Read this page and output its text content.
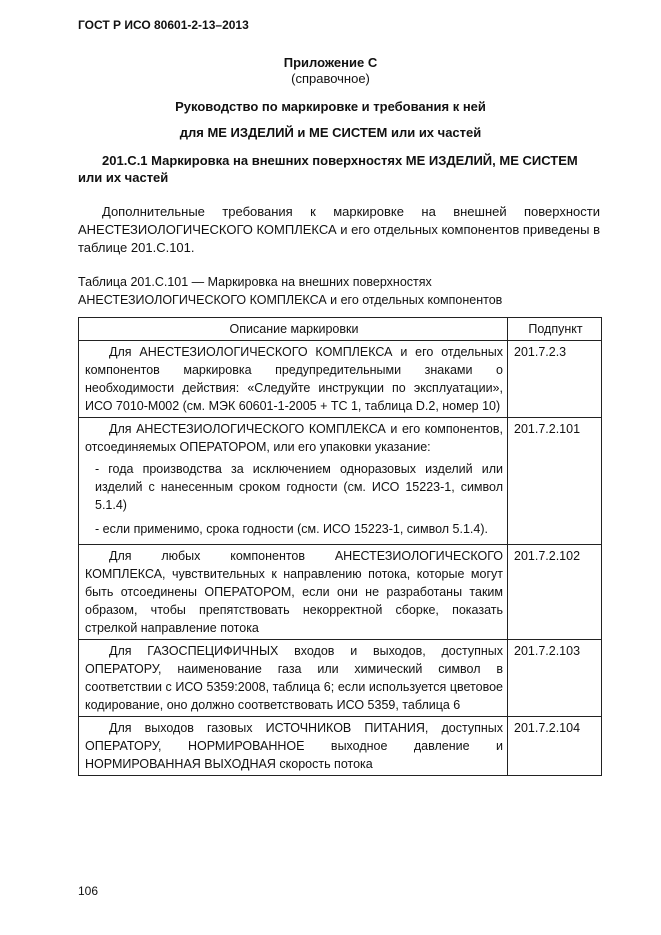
ГОСТ Р ИСО 80601-2-13–2013
Приложение С
(справочное)
Руководство по маркировке и требования к ней
для МЕ ИЗДЕЛИЙ и МЕ СИСТЕМ или их частей
201.С.1 Маркировка на внешних поверхностях МЕ ИЗДЕЛИЙ, МЕ СИСТЕМ или их частей
Дополнительные требования к маркировке на внешней поверхности АНЕСТЕЗИОЛОГИЧЕСКОГО КОМПЛЕКСА и его отдельных компонентов приведены в таблице 201.С.101.
Таблица 201.С.101 — Маркировка на внешних поверхностях
АНЕСТЕЗИОЛОГИЧЕСКОГО КОМПЛЕКСА и его отдельных компонентов
Описание маркировки	Подпункт

Для АНЕСТЕЗИОЛОГИЧЕСКОГО КОМПЛЕКСА и его отдельных компонентов маркировка предупредительными знаками о необходимости действия: «Следуйте инструкции по эксплуатации», ИСО 7010-M002 (см. МЭК 60601-1-2005 + ТС 1, таблица D.2, номер 10)	201.7.2.3

Для АНЕСТЕЗИОЛОГИЧЕСКОГО КОМПЛЕКСА и его компонентов, отсоединяемых ОПЕРАТОРОМ, или его упаковки указание:

- года производства за исключением одноразовых изделий или изделий с нанесенным сроком годности (см. ИСО 15223-1, символ 5.1.4)

- если применимо, срока годности (см. ИСО 15223-1, символ 5.1.4).	201.7.2.101

Для любых компонентов АНЕСТЕЗИОЛОГИЧЕСКОГО КОМПЛЕКСА, чувствительных к направлению потока, которые могут быть отсоединены ОПЕРАТОРОМ, если они не разработаны таким образом, чтобы препятствовать некорректной сборке, показать стрелкой направление потока	201.7.2.102

Для ГАЗОСПЕЦИФИЧНЫХ входов и выходов, доступных ОПЕРАТОРУ, наименование газа или химический символ в соответствии с ИСО 5359:2008, таблица 6; если используется цветовое кодирование, оно должно соответствовать ИСО 5359, таблица 6	201.7.2.103

Для выходов газовых ИСТОЧНИКОВ ПИТАНИЯ, доступных ОПЕРАТОРУ, НОРМИРОВАННОЕ выходное давление и НОРМИРОВАННАЯ ВЫХОДНАЯ скорость потока	201.7.2.104
106
